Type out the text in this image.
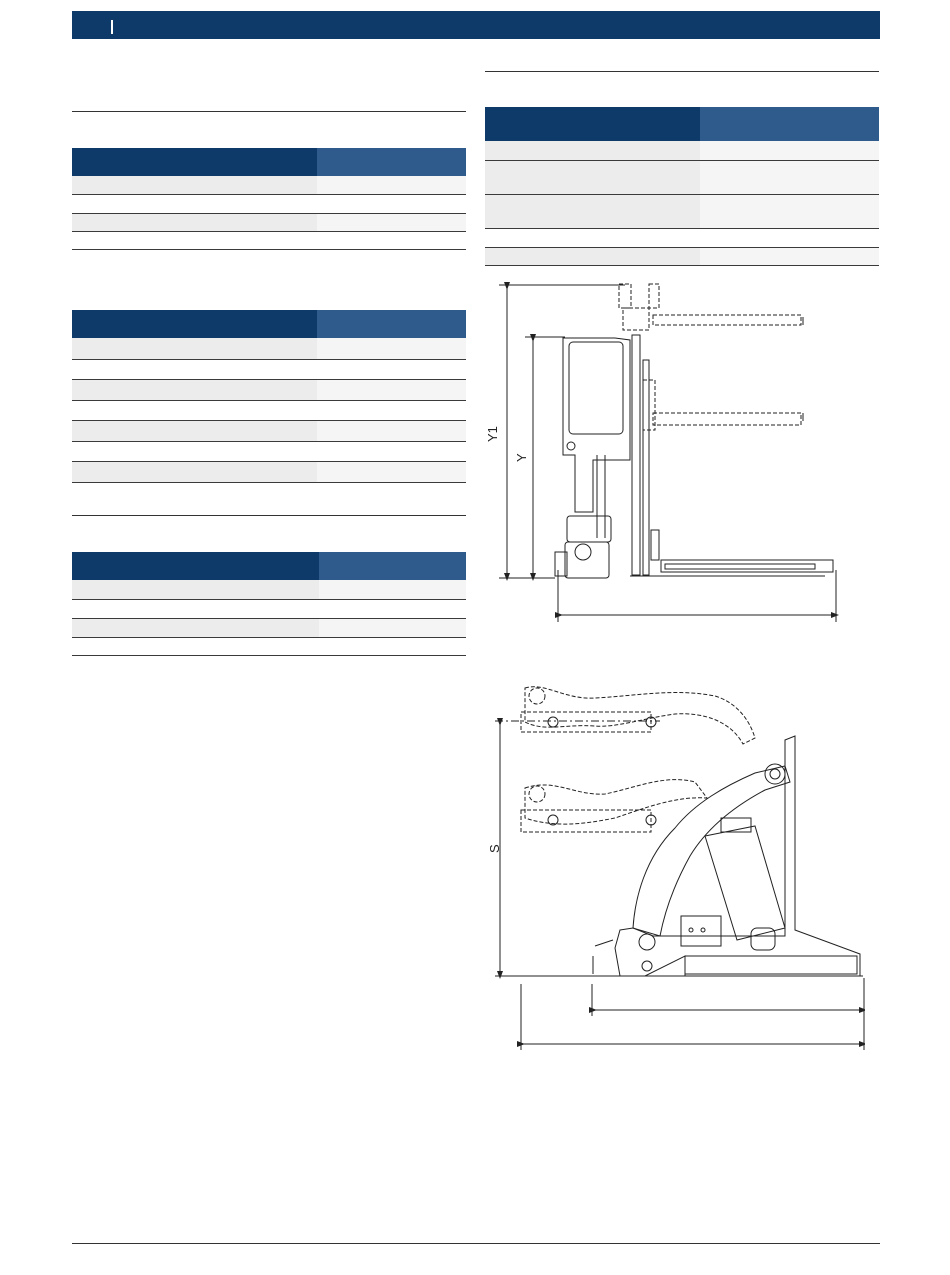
Y1
Y
S
